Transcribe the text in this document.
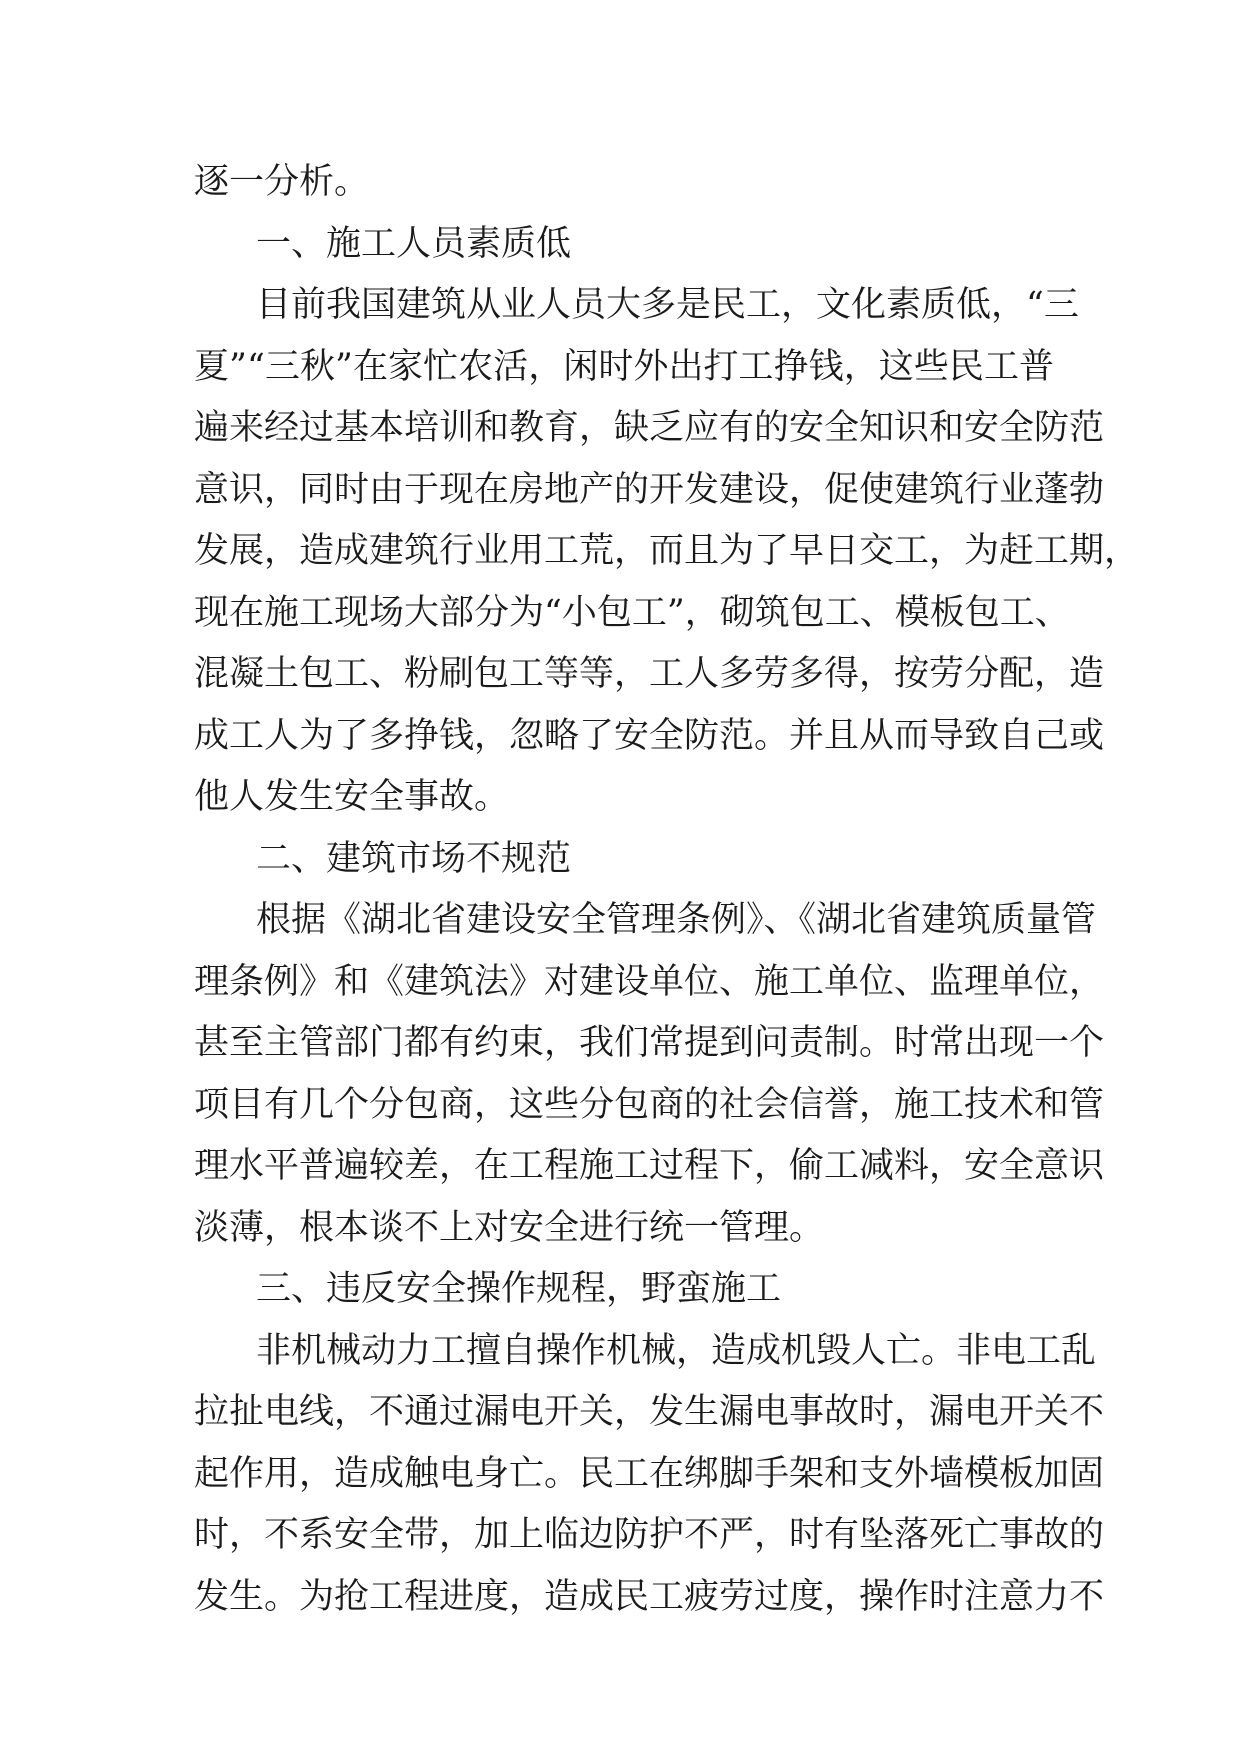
逐一分析。
一、施工人员素质低
目前我国建筑从业人员大多是民工，文化素质低，“三
夏”“三秋”在家忙农活，闲时外出打工挣钱，这些民工普
遍来经过基本培训和教育，缺乏应有的安全知识和安全防范
意识，同时由于现在房地产的开发建设，促使建筑行业蓬勃
发展，造成建筑行业用工荒，而且为了早日交工，为赶工期，
现在施工现场大部分为“小包工”，砌筑包工、模板包工、
混凝土包工、粉刷包工等等，工人多劳多得，按劳分配，造
成工人为了多挣钱，忽略了安全防范。并且从而导致自己或
他人发生安全事故。
二、建筑市场不规范
根据《湖北省建设安全管理条例》、《湖北省建筑质量管
理条例》和《建筑法》对建设单位、施工单位、监理单位，
甚至主管部门都有约束，我们常提到问责制。时常出现一个
项目有几个分包商，这些分包商的社会信誉，施工技术和管
理水平普遍较差，在工程施工过程下，偷工减料，安全意识
淡薄，根本谈不上对安全进行统一管理。
三、违反安全操作规程，野蛮施工
非机械动力工擅自操作机械，造成机毁人亡。非电工乱
拉扯电线，不通过漏电开关，发生漏电事故时，漏电开关不
起作用，造成触电身亡。民工在绑脚手架和支外墙模板加固
时，不系安全带，加上临边防护不严，时有坠落死亡事故的
发生。为抢工程进度，造成民工疲劳过度，操作时注意力不
